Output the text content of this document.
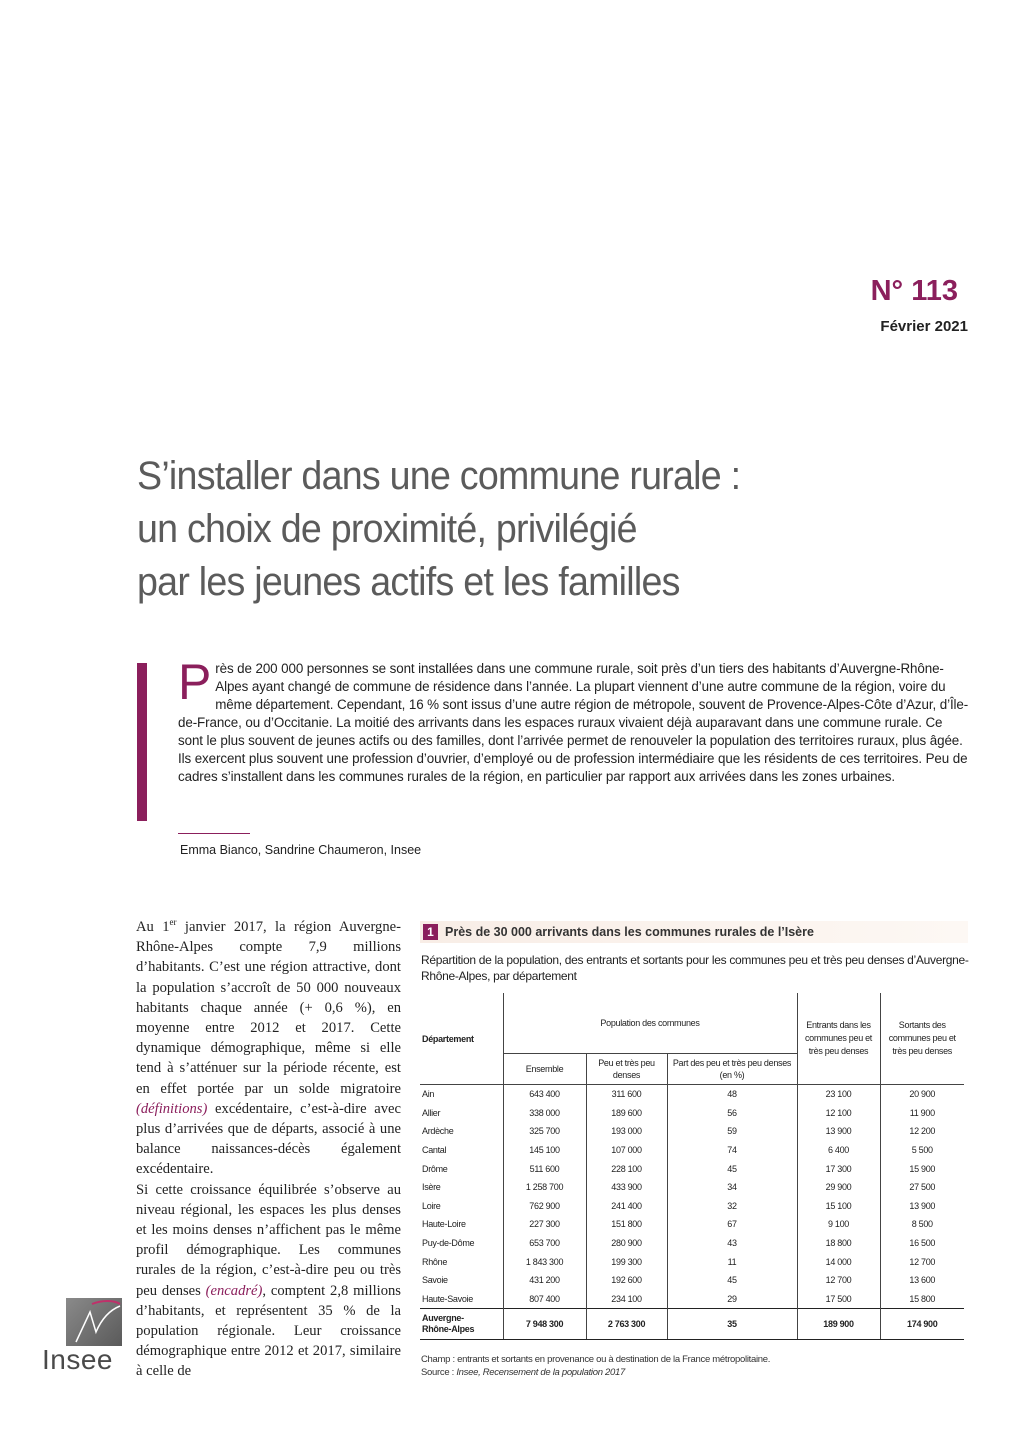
N° 113
Février 2021
S’installer dans une commune rurale :
un choix de proximité, privilégié
par les jeunes actifs et les familles

Près de 200 000 personnes se sont installées dans une commune rurale, soit près d’un tiers des habitants d’Auvergne-Rhône-Alpes ayant changé de commune de résidence dans l’année. La plupart viennent d’une autre commune de la région, voire du même département. Cependant, 16 % sont issus d’une autre région de métropole, souvent de Provence-Alpes-Côte d’Azur, d’Île-de-France, ou d’Occitanie. La moitié des arrivants dans les espaces ruraux vivaient déjà auparavant dans une commune rurale. Ce sont le plus souvent de jeunes actifs ou des familles, dont l’arrivée permet de renouveler la population des territoires ruraux, plus âgée. Ils exercent plus souvent une profession d’ouvrier, d’employé ou de profession intermédiaire que les résidents de ces territoires. Peu de cadres s’installent dans les communes rurales de la région, en particulier par rapport aux arrivées dans les zones urbaines.

Emma Bianco, Sandrine Chaumeron, Insee

Au 1er janvier 2017, la région Auvergne-Rhône-Alpes compte 7,9 millions d’habitants. C’est une région attractive, dont la population s’accroît de 50 000 nouveaux habitants chaque année (+ 0,6 %), en moyenne entre 2012 et 2017. Cette dynamique démographique, même si elle tend à s’atténuer sur la période récente, est en effet portée par un solde migratoire (définitions) excédentaire, c’est-à-dire avec plus d’arrivées que de départs, associé à une balance naissances-décès également excédentaire.

Si cette croissance équilibrée s’observe au niveau régional, les espaces les plus denses et les moins denses n’affichent pas le même profil démographique. Les communes rurales de la région, c’est-à-dire peu ou très peu denses (encadré), comptent 2,8 millions d’habitants, et représentent 35 % de la population régionale. Leur croissance démographique entre 2012 et 2017, similaire à celle de

1 Près de 30 000 arrivants dans les communes rurales de l’Isère
Répartition de la population, des entrants et sortants pour les communes peu et très peu denses d’Auvergne-Rhône-Alpes, par département
Département	Population des communes			Entrants dans les communes peu et très peu denses	Sortants des communes peu et très peu denses
	Ensemble	Peu et très peu denses	Part des peu et très peu denses (en %)		
Ain	643 400	311 600	48	23 100	20 900
Allier	338 000	189 600	56	12 100	11 900
Ardèche	325 700	193 000	59	13 900	12 200
Cantal	145 100	107 000	74	6 400	5 500
Drôme	511 600	228 100	45	17 300	15 900
Isère	1 258 700	433 900	34	29 900	27 500
Loire	762 900	241 400	32	15 100	13 900
Haute-Loire	227 300	151 800	67	9 100	8 500
Puy-de-Dôme	653 700	280 900	43	18 800	16 500
Rhône	1 843 300	199 300	11	14 000	12 700
Savoie	431 200	192 600	45	12 700	13 600
Haute-Savoie	807 400	234 100	29	17 500	15 800

Auvergne-
Rhône-Alpes	7 948 300	2 763 300	35	189 900	174 900
Champ : entrants et sortants en provenance ou à destination de la France métropolitaine.
Source : Insee, Recensement de la population 2017
Insee
